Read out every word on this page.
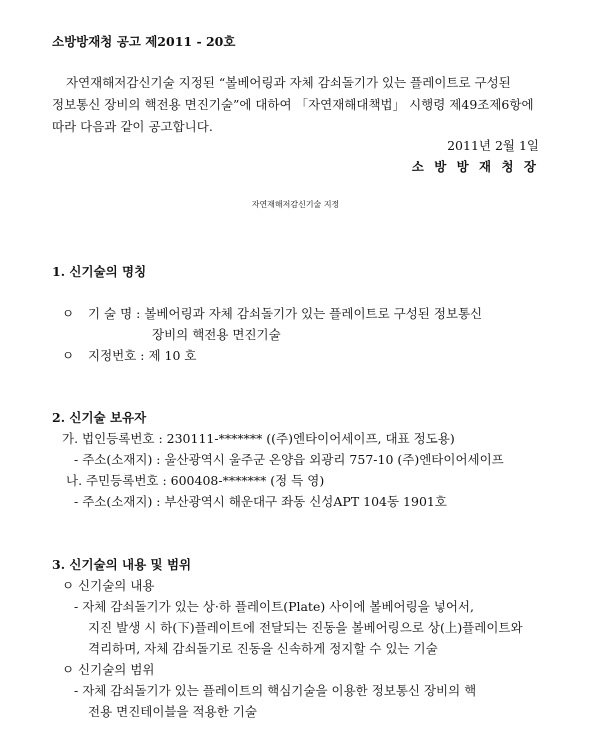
소방방재청 공고 제2011 - 20호
자연재해저감신기술 지정된 “볼베어링과 자체 감쇠돌기가 있는 플레이트로 구성된
정보통신 장비의 핵전용 면진기술”에 대하여 「자연재해대책법」 시행령 제49조제6항에
따라 다음과 같이 공고합니다.
2011년 2월 1일
소 방 방 재 청 장
자연재해저감신기술 지정
1. 신기술의 명칭
ㅇ 기 술 명 : 볼베어링과 자체 감쇠돌기가 있는 플레이트로 구성된 정보통신
장비의 핵전용 면진기술
ㅇ 지정번호 : 제 10 호
2. 신기술 보유자
가. 법인등록번호 : 230111-******* ((주)엔타이어세이프, 대표 정도용)
- 주소(소재지) : 울산광역시 울주군 온양읍 외광리 757-10 (주)엔타이어세이프
나. 주민등록번호 : 600408-******* (정 득 영)
- 주소(소재지) : 부산광역시 해운대구 좌동 신성APT 104동 1901호
3. 신기술의 내용 및 범위
ㅇ 신기술의 내용
- 자체 감쇠돌기가 있는 상·하 플레이트(Plate) 사이에 볼베어링을 넣어서,
지진 발생 시 하(下)플레이트에 전달되는 진동을 볼베어링으로 상(上)플레이트와
격리하며, 자체 감쇠돌기로 진동을 신속하게 정지할 수 있는 기술
ㅇ 신기술의 범위
- 자체 감쇠돌기가 있는 플레이트의 핵심기술을 이용한 정보통신 장비의 핵
전용 면진테이블을 적용한 기술
